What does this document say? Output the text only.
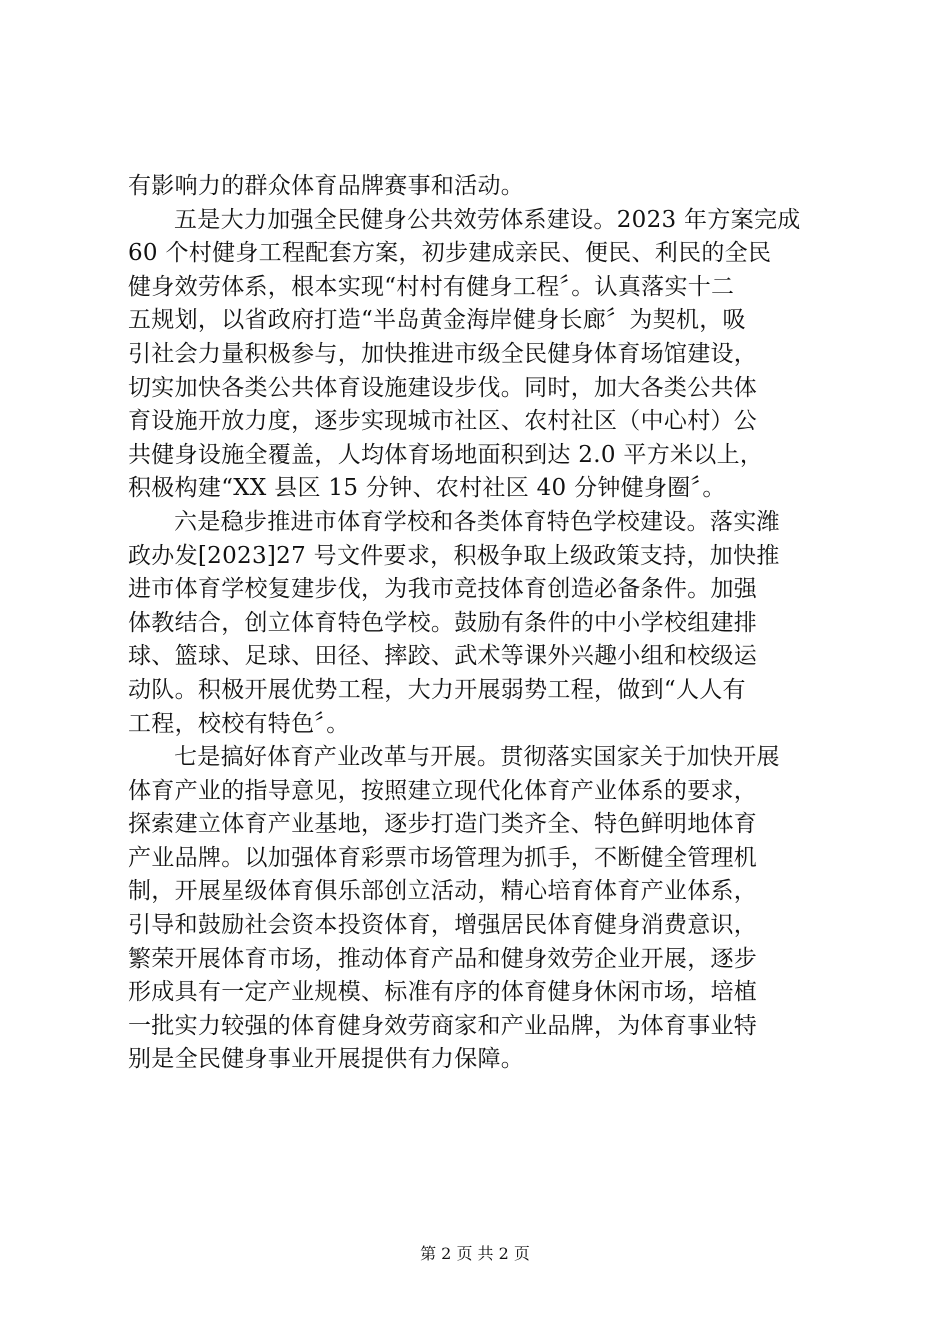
有影响力的群众体育品牌赛事和活动。
五是大力加强全民健身公共效劳体系建设。2023 年方案完成
60 个村健身工程配套方案，初步建成亲民、便民、利民的全民
健身效劳体系，根本实现“村村有健身工程〞。认真落实十二
五规划，以省政府打造“半岛黄金海岸健身长廊〞为契机，吸
引社会力量积极参与，加快推进市级全民健身体育场馆建设，
切实加快各类公共体育设施建设步伐。同时，加大各类公共体
育设施开放力度，逐步实现城市社区、农村社区（中心村）公
共健身设施全覆盖，人均体育场地面积到达 2.0 平方米以上，
积极构建“XX 县区 15 分钟、农村社区 40 分钟健身圈〞。
六是稳步推进市体育学校和各类体育特色学校建设。落实潍
政办发[2023]27 号文件要求，积极争取上级政策支持，加快推
进市体育学校复建步伐，为我市竞技体育创造必备条件。加强
体教结合，创立体育特色学校。鼓励有条件的中小学校组建排
球、篮球、足球、田径、摔跤、武术等课外兴趣小组和校级运
动队。积极开展优势工程，大力开展弱势工程，做到“人人有
工程，校校有特色〞。
七是搞好体育产业改革与开展。贯彻落实国家关于加快开展
体育产业的指导意见，按照建立现代化体育产业体系的要求，
探索建立体育产业基地，逐步打造门类齐全、特色鲜明地体育
产业品牌。以加强体育彩票市场管理为抓手，不断健全管理机
制，开展星级体育俱乐部创立活动，精心培育体育产业体系，
引导和鼓励社会资本投资体育，增强居民体育健身消费意识，
繁荣开展体育市场，推动体育产品和健身效劳企业开展，逐步
形成具有一定产业规模、标准有序的体育健身休闲市场，培植
一批实力较强的体育健身效劳商家和产业品牌，为体育事业特
别是全民健身事业开展提供有力保障。
第 2 页 共 2 页
